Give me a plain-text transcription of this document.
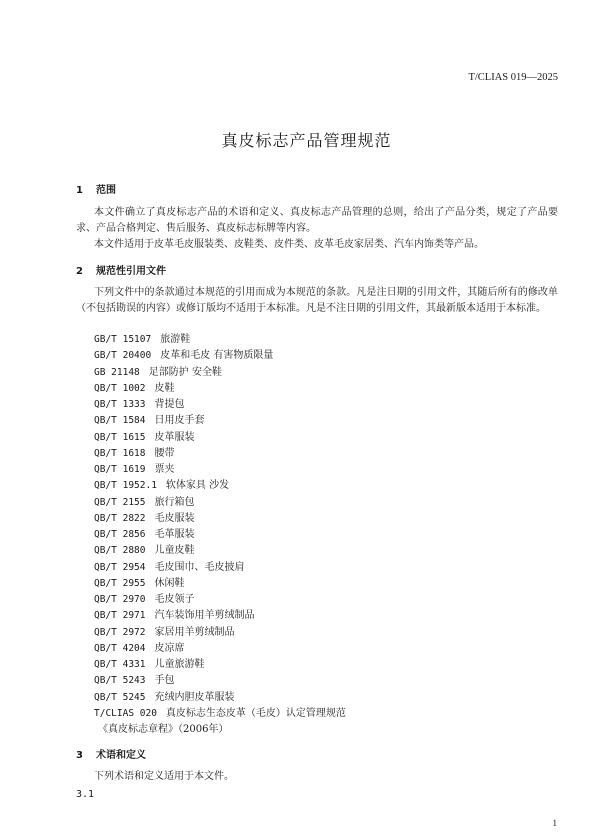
T/CLIAS 019—2025
真皮标志产品管理规范
1 范围
本文件确立了真皮标志产品的术语和定义、真皮标志产品管理的总则，给出了产品分类，规定了产品要求、产品合格判定、售后服务、真皮标志标牌等内容。
本文件适用于皮革毛皮服装类、皮鞋类、皮件类、皮革毛皮家居类、汽车内饰类等产品。
2 规范性引用文件
下列文件中的条款通过本规范的引用而成为本规范的条款。凡是注日期的引用文件，其随后所有的修改单（不包括勘误的内容）或修订版均不适用于本标准。凡是不注日期的引用文件，其最新版本适用于本标准。
GB/T 15107 旅游鞋
GB/T 20400 皮革和毛皮 有害物质限量
GB 21148 足部防护 安全鞋
QB/T 1002 皮鞋
QB/T 1333 背提包
QB/T 1584 日用皮手套
QB/T 1615 皮革服装
QB/T 1618 腰带
QB/T 1619 票夹
QB/T 1952.1 软体家具 沙发
QB/T 2155 旅行箱包
QB/T 2822 毛皮服装
QB/T 2856 毛革服装
QB/T 2880 儿童皮鞋
QB/T 2954 毛皮围巾、毛皮披肩
QB/T 2955 休闲鞋
QB/T 2970 毛皮领子
QB/T 2971 汽车装饰用羊剪绒制品
QB/T 2972 家居用羊剪绒制品
QB/T 4204 皮凉席
QB/T 4331 儿童旅游鞋
QB/T 5243 手包
QB/T 5245 充绒内胆皮革服装
T/CLIAS 020 真皮标志生态皮革（毛皮）认定管理规范
《真皮标志章程》（2006年）
3 术语和定义
下列术语和定义适用于本文件。
3.1
1
